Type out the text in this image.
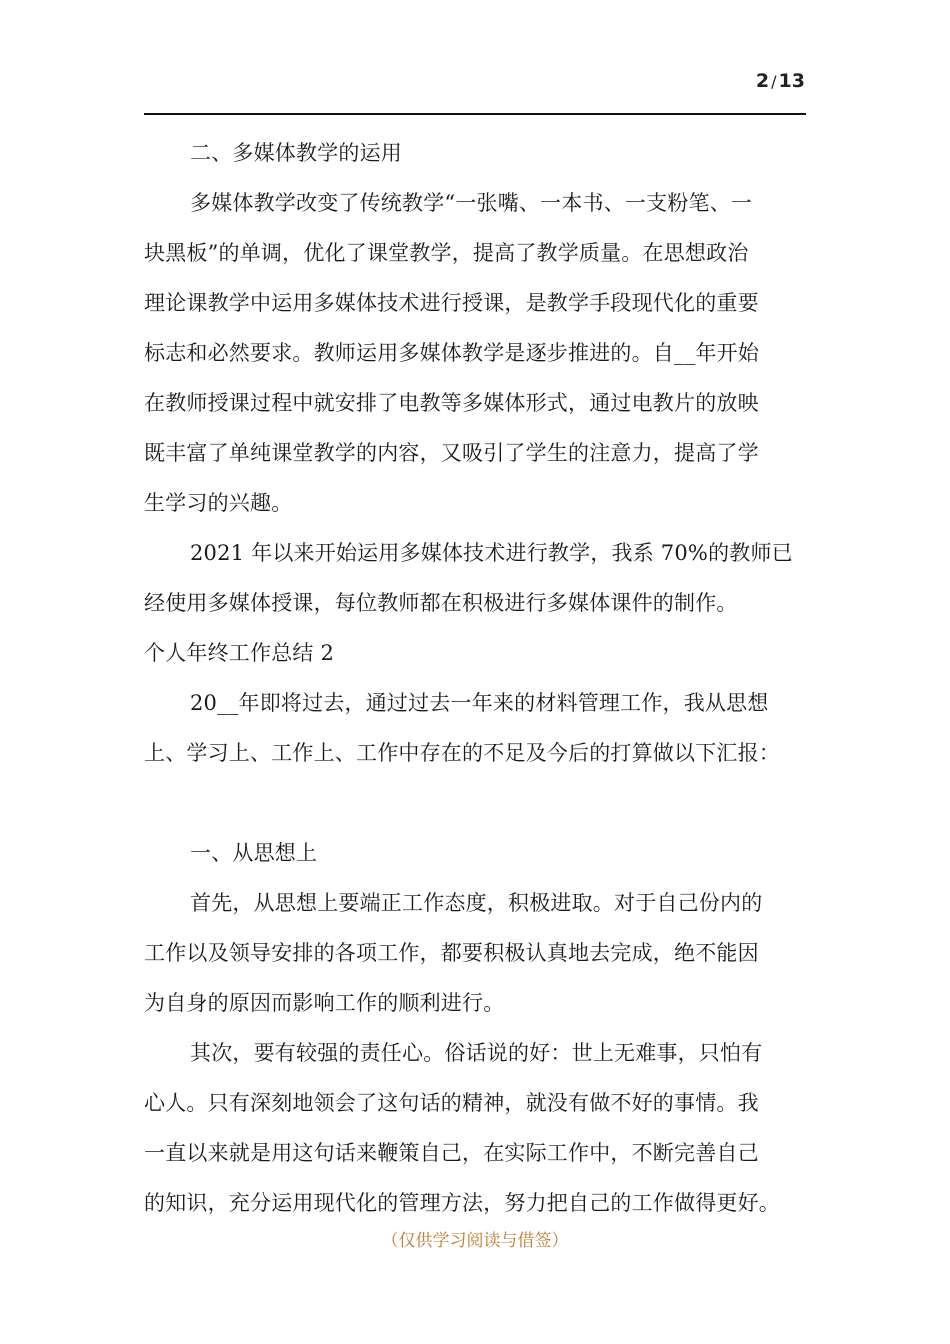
2 / 13
二、多媒体教学的运用
多媒体教学改变了传统教学“一张嘴、一本书、一支粉笔、一
块黑板”的单调，优化了课堂教学，提高了教学质量。在思想政治
理论课教学中运用多媒体技术进行授课，是教学手段现代化的重要
标志和必然要求。教师运用多媒体教学是逐步推进的。自__年开始
在教师授课过程中就安排了电教等多媒体形式，通过电教片的放映
既丰富了单纯课堂教学的内容，又吸引了学生的注意力，提高了学
生学习的兴趣。
2021 年以来开始运用多媒体技术进行教学，我系 70%的教师已
经使用多媒体授课，每位教师都在积极进行多媒体课件的制作。
个人年终工作总结 2
20__年即将过去，通过过去一年来的材料管理工作，我从思想
上、学习上、工作上、工作中存在的不足及今后的打算做以下汇报：
一、从思想上
首先，从思想上要端正工作态度，积极进取。对于自己份内的
工作以及领导安排的各项工作，都要积极认真地去完成，绝不能因
为自身的原因而影响工作的顺利进行。
其次，要有较强的责任心。俗话说的好：世上无难事，只怕有
心人。只有深刻地领会了这句话的精神，就没有做不好的事情。我
一直以来就是用这句话来鞭策自己，在实际工作中，不断完善自己
的知识，充分运用现代化的管理方法，努力把自己的工作做得更好。
（仅供学习阅读与借签）
